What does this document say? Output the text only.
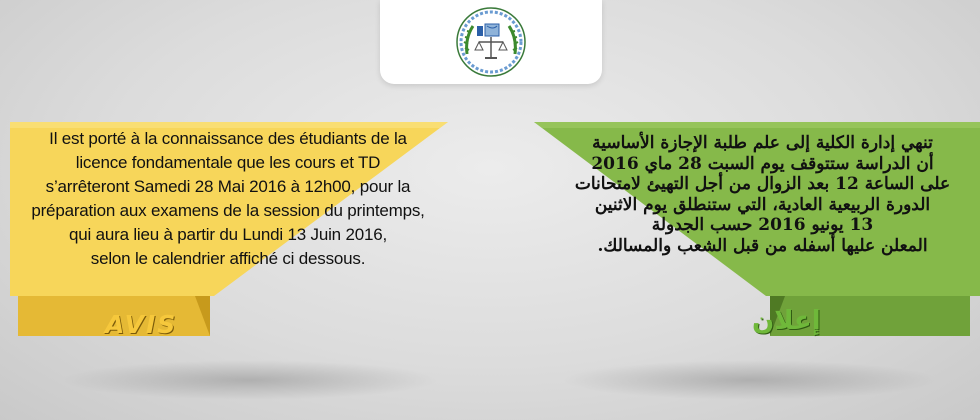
Il est porté à la connaissance des étudiants de la
licence fondamentale que les cours et TD
s’arrêteront Samedi 28 Mai 2016 à 12h00, pour la
préparation aux examens de la session du printemps,
qui aura lieu à partir du Lundi 13 Juin 2016,
selon le calendrier affiché ci dessous.

تنهي إدارة الكلية إلى علم طلبة الإجازة الأساسية
أن الدراسة ستتوقف يوم السبت 28 ماي 2016
على الساعة 12 بعد الزوال من أجل التهيئ لامتحانات
الدورة الربيعية العادية، التي ستنطلق يوم الاثنين
13 يونيو 2016 حسب الجدولة
المعلن عليها أسفله من قبل الشعب والمسالك.

AVIS	إعلان
